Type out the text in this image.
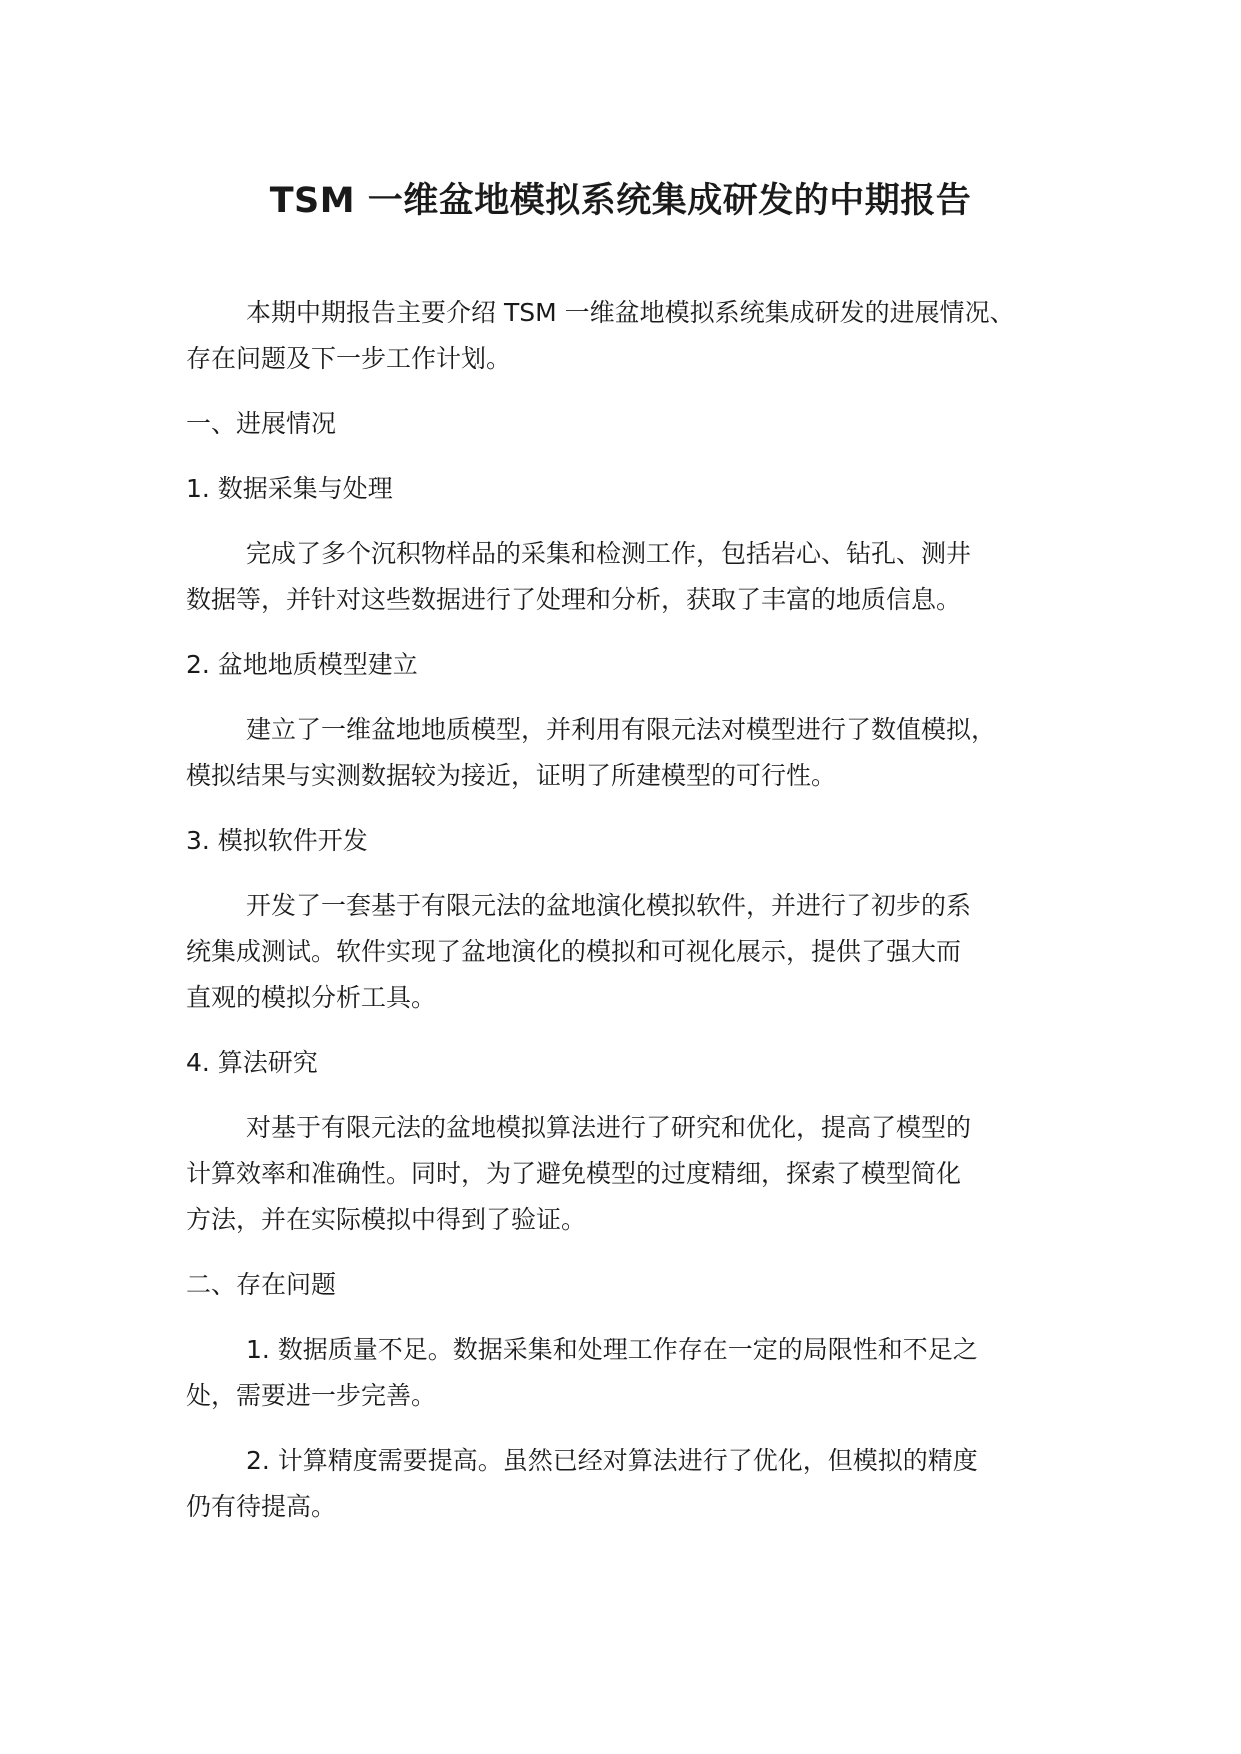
TSM 一维盆地模拟系统集成研发的中期报告

本期中期报告主要介绍 TSM 一维盆地模拟系统集成研发的进展情况、
存在问题及下一步工作计划。

一、进展情况

1. 数据采集与处理

完成了多个沉积物样品的采集和检测工作，包括岩心、钻孔、测井
数据等，并针对这些数据进行了处理和分析，获取了丰富的地质信息。

2. 盆地地质模型建立

建立了一维盆地地质模型，并利用有限元法对模型进行了数值模拟，
模拟结果与实测数据较为接近，证明了所建模型的可行性。

3. 模拟软件开发

开发了一套基于有限元法的盆地演化模拟软件，并进行了初步的系
统集成测试。软件实现了盆地演化的模拟和可视化展示，提供了强大而
直观的模拟分析工具。

4. 算法研究

对基于有限元法的盆地模拟算法进行了研究和优化，提高了模型的
计算效率和准确性。同时，为了避免模型的过度精细，探索了模型简化
方法，并在实际模拟中得到了验证。

二、存在问题

1. 数据质量不足。数据采集和处理工作存在一定的局限性和不足之
处，需要进一步完善。

2. 计算精度需要提高。虽然已经对算法进行了优化，但模拟的精度
仍有待提高。
